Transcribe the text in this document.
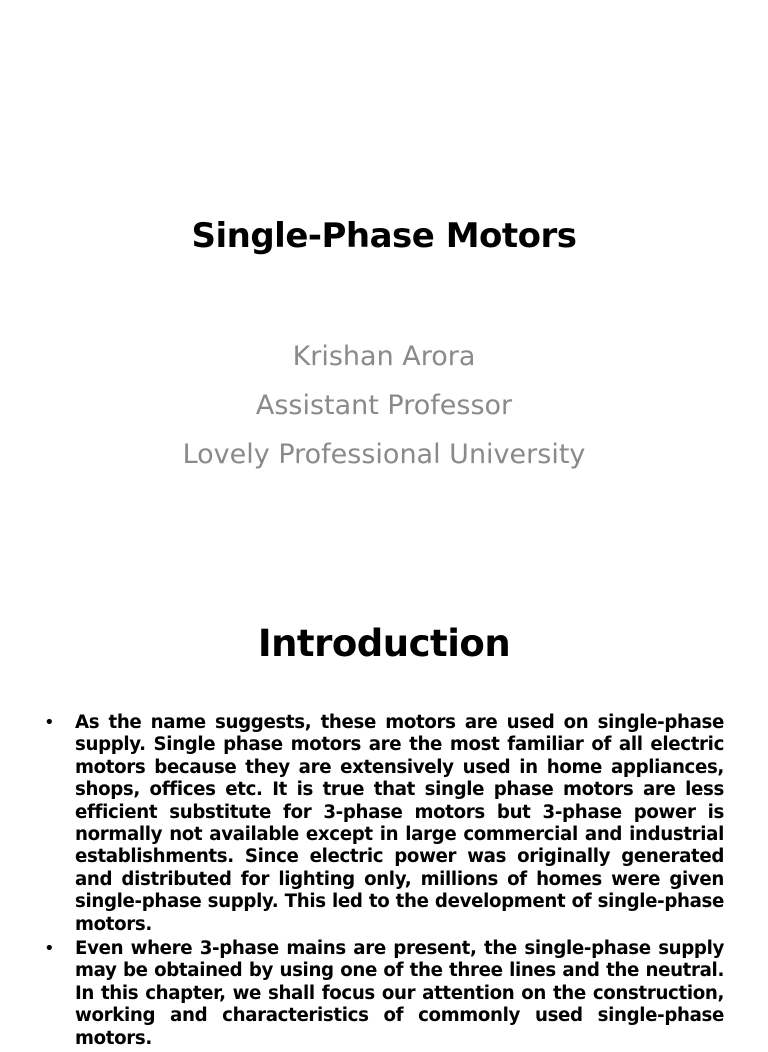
Single-Phase Motors
Krishan Arora
Assistant Professor
Lovely Professional University
Introduction
• As the name suggests, these motors are used on single-phase supply. Single phase motors are the most familiar of all electric motors because they are extensively used in home appliances, shops, offices etc. It is true that single phase motors are less efficient substitute for 3-phase motors but 3-phase power is normally not available except in large commercial and industrial establishments. Since electric power was originally generated and distributed for lighting only, millions of homes were given single-phase supply. This led to the development of single-phase motors.
• Even where 3-phase mains are present, the single-phase supply may be obtained by using one of the three lines and the neutral. In this chapter, we shall focus our attention on the construction, working and characteristics of commonly used single-phase motors.
